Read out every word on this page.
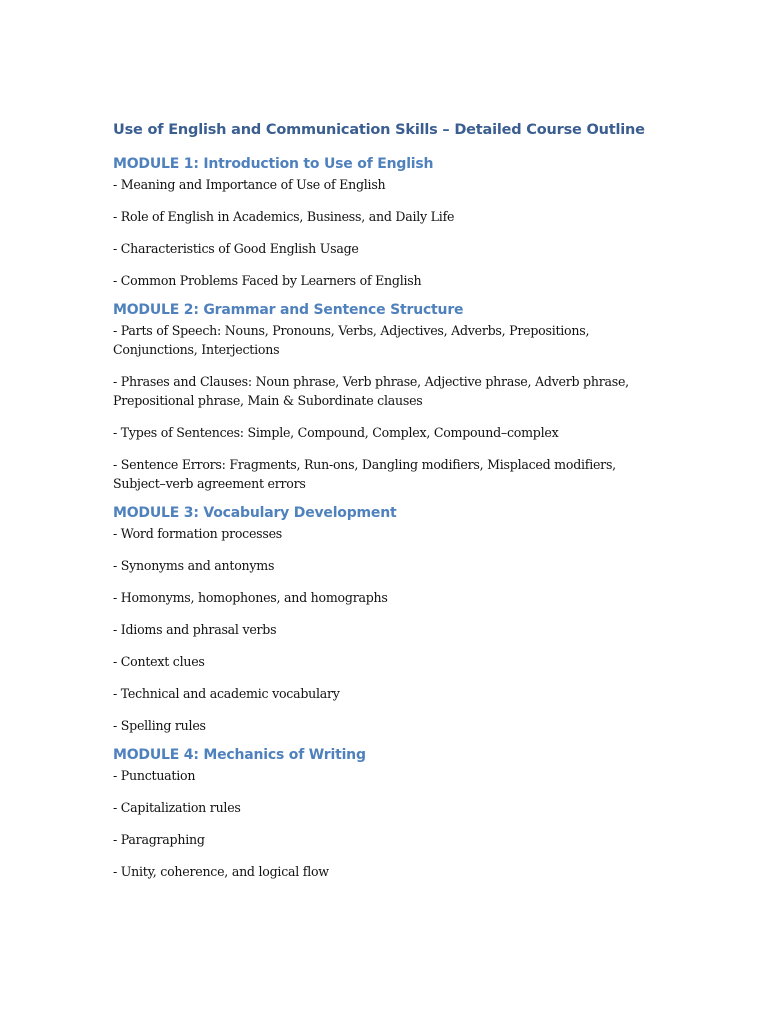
Use of English and Communication Skills – Detailed Course Outline
MODULE 1: Introduction to Use of English
- Meaning and Importance of Use of English
- Role of English in Academics, Business, and Daily Life
- Characteristics of Good English Usage
- Common Problems Faced by Learners of English
MODULE 2: Grammar and Sentence Structure
- Parts of Speech: Nouns, Pronouns, Verbs, Adjectives, Adverbs, Prepositions, Conjunctions, Interjections
- Phrases and Clauses: Noun phrase, Verb phrase, Adjective phrase, Adverb phrase, Prepositional phrase, Main & Subordinate clauses
- Types of Sentences: Simple, Compound, Complex, Compound–complex
- Sentence Errors: Fragments, Run-ons, Dangling modifiers, Misplaced modifiers, Subject–verb agreement errors
MODULE 3: Vocabulary Development
- Word formation processes
- Synonyms and antonyms
- Homonyms, homophones, and homographs
- Idioms and phrasal verbs
- Context clues
- Technical and academic vocabulary
- Spelling rules
MODULE 4: Mechanics of Writing
- Punctuation
- Capitalization rules
- Paragraphing
- Unity, coherence, and logical flow
